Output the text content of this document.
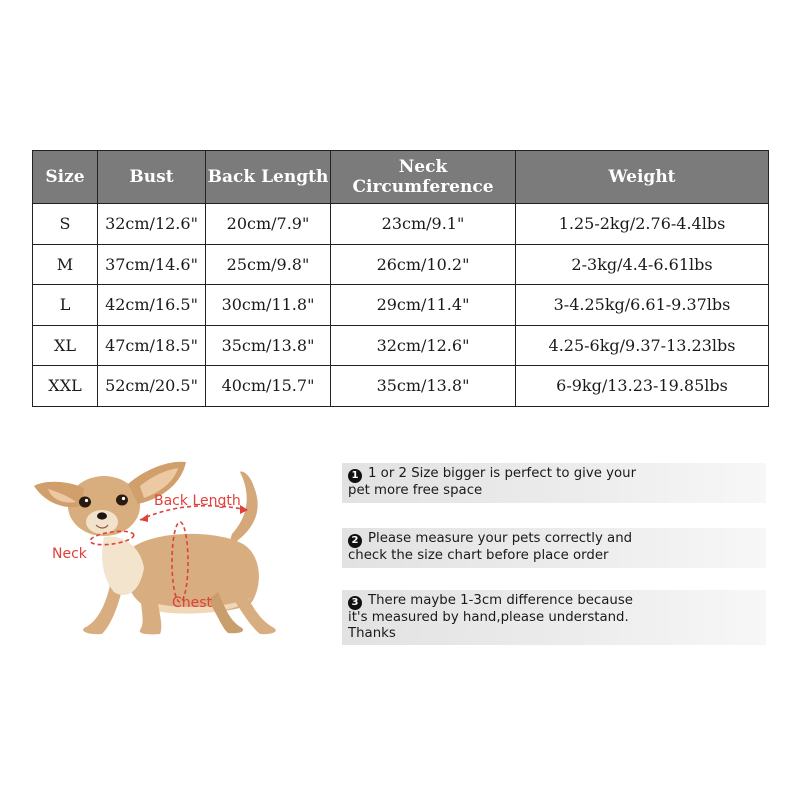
Size	Bust	Back Length	Neck Circumference	Weight
S	32cm/12.6"	20cm/7.9"	23cm/9.1"	1.25-2kg/2.76-4.4lbs
M	37cm/14.6"	25cm/9.8"	26cm/10.2"	2-3kg/4.4-6.61lbs
L	42cm/16.5"	30cm/11.8"	29cm/11.4"	3-4.25kg/6.61-9.37lbs
XL	47cm/18.5"	35cm/13.8"	32cm/12.6"	4.25-6kg/9.37-13.23lbs
XXL	52cm/20.5"	40cm/15.7"	35cm/13.8"	6-9kg/13.23-19.85lbs
Back Length
Neck
Chest
1 1 or 2 Size bigger is perfect to give your
pet more free space
2 Please measure your pets correctly and
check the size chart before place order
3 There maybe 1-3cm difference because
it's measured by hand,please understand.
Thanks
